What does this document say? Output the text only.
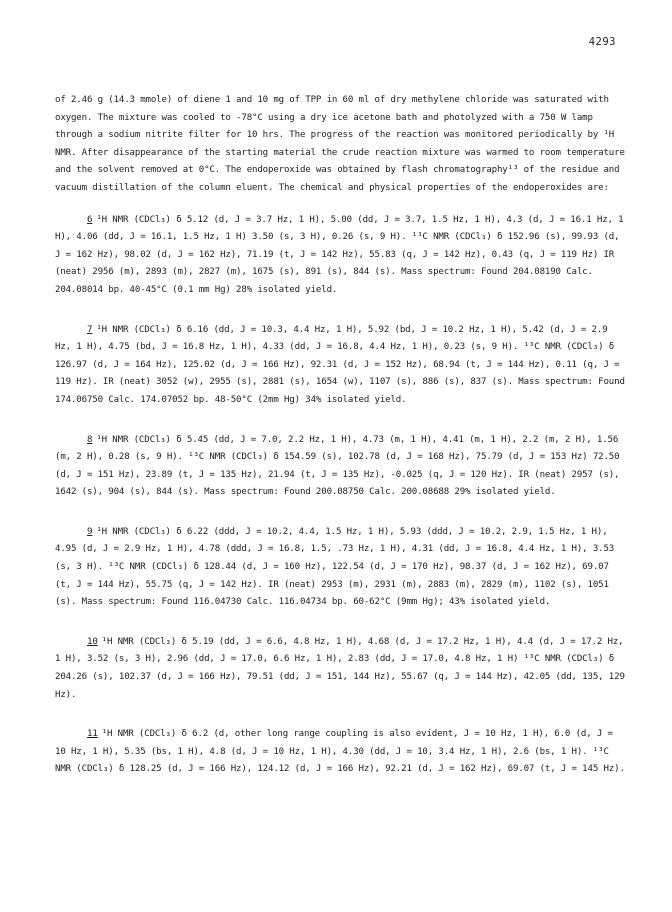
4293

of 2.46 g (14.3 mmole) of diene 1 and 10 mg of TPP in 60 ml of dry methylene chloride was saturated with oxygen. The mixture was cooled to -78°C using a dry ice acetone bath and photolyzed with a 750 W lamp through a sodium nitrite filter for 10 hrs. The progress of the reaction was monitored periodically by ¹H NMR. After disappearance of the starting material the crude reaction mixture was warmed to room temperature and the solvent removed at 0°C. The endoperoxide was obtained by flash chromatography¹³ of the residue and vacuum distillation of the column eluent. The chemical and physical properties of the endoperoxides are:

6 ¹H NMR (CDCl₃) δ 5.12 (d, J = 3.7 Hz, 1 H), 5.00 (dd, J = 3.7, 1.5 Hz, 1 H), 4.3 (d, J = 16.1 Hz, 1 H), 4.06 (dd, J = 16.1, 1.5 Hz, 1 H) 3.50 (s, 3 H), 0.26 (s, 9 H). ¹³C NMR (CDCl₃) δ 152.96 (s), 99.93 (d, J = 162 Hz), 98.02 (d, J = 162 Hz), 71.19 (t, J = 142 Hz), 55.83 (q, J = 142 Hz), 0.43 (q, J = 119 Hz) IR (neat) 2956 (m), 2893 (m), 2827 (m), 1675 (s), 891 (s), 844 (s). Mass spectrum: Found 204.08190 Calc. 204.08014 bp. 40-45°C (0.1 mm Hg) 28% isolated yield.

7 ¹H NMR (CDCl₃) δ 6.16 (dd, J = 10.3, 4.4 Hz, 1 H), 5.92 (bd, J = 10.2 Hz, 1 H), 5.42 (d, J = 2.9 Hz, 1 H), 4.75 (bd, J = 16.8 Hz, 1 H), 4.33 (dd, J = 16.8, 4.4 Hz, 1 H), 0.23 (s, 9 H). ¹³C NMR (CDCl₃) δ 126.97 (d, J = 164 Hz), 125.02 (d, J = 166 Hz), 92.31 (d, J = 152 Hz), 68.94 (t, J = 144 Hz), 0.11 (q, J = 119 Hz). IR (neat) 3052 (w), 2955 (s), 2881 (s), 1654 (w), 1107 (s), 886 (s), 837 (s). Mass spectrum: Found 174.06750 Calc. 174.07052 bp. 48-50°C (2mm Hg) 34% isolated yield.

8 ¹H NMR (CDCl₃) δ 5.45 (dd, J = 7.0, 2.2 Hz, 1 H), 4.73 (m, 1 H), 4.41 (m, 1 H), 2.2 (m, 2 H), 1.56 (m, 2 H), 0.28 (s, 9 H). ¹³C NMR (CDCl₃) δ 154.59 (s), 102.78 (d, J = 168 Hz), 75.79 (d, J = 153 Hz) 72.50 (d, J = 151 Hz), 23.89 (t, J = 135 Hz), 21.94 (t, J = 135 Hz), -0.025 (q, J = 120 Hz). IR (neat) 2957 (s), 1642 (s), 904 (s), 844 (s). Mass spectrum: Found 200.08750 Calc. 200.08688 29% isolated yield.

9 ¹H NMR (CDCl₃) δ 6.22 (ddd, J = 10.2, 4.4, 1.5 Hz, 1 H), 5.93 (ddd, J = 10.2, 2.9, 1.5 Hz, 1 H), 4.95 (d, J = 2.9 Hz, 1 H), 4.78 (ddd, J = 16.8, 1.5, .73 Hz, 1 H), 4.31 (dd, J = 16.8, 4.4 Hz, 1 H), 3.53 (s, 3 H). ¹³C NMR (CDCl₃) δ 128.44 (d, J = 160 Hz), 122.54 (d, J = 170 Hz), 98.37 (d, J = 162 Hz), 69.07 (t, J = 144 Hz), 55.75 (q, J = 142 Hz). IR (neat) 2953 (m), 2931 (m), 2883 (m), 2829 (m), 1102 (s), 1051 (s). Mass spectrum: Found 116.04730 Calc. 116.04734 bp. 60-62°C (9mm Hg); 43% isolated yield.

10 ¹H NMR (CDCl₃) δ 5.19 (dd, J = 6.6, 4.8 Hz, 1 H), 4.68 (d, J = 17.2 Hz, 1 H), 4.4 (d, J = 17.2 Hz, 1 H), 3.52 (s, 3 H), 2.96 (dd, J = 17.0, 6.6 Hz, 1 H), 2.83 (dd, J = 17.0, 4.8 Hz, 1 H) ¹³C NMR (CDCl₃) δ 204.26 (s), 102.37 (d, J = 166 Hz), 79.51 (dd, J = 151, 144 Hz), 55.67 (q, J = 144 Hz), 42.05 (dd, 135, 129 Hz).

11 ¹H NMR (CDCl₃) δ 6.2 (d, other long range coupling is also evident, J = 10 Hz, 1 H), 6.0 (d, J = 10 Hz, 1 H), 5.35 (bs, 1 H), 4.8 (d, J = 10 Hz, 1 H), 4.30 (dd, J = 10, 3.4 Hz, 1 H), 2.6 (bs, 1 H). ¹³C NMR (CDCl₃) δ 128.25 (d, J = 166 Hz), 124.12 (d, J = 166 Hz), 92.21 (d, J = 162 Hz), 69.07 (t, J = 145 Hz).
